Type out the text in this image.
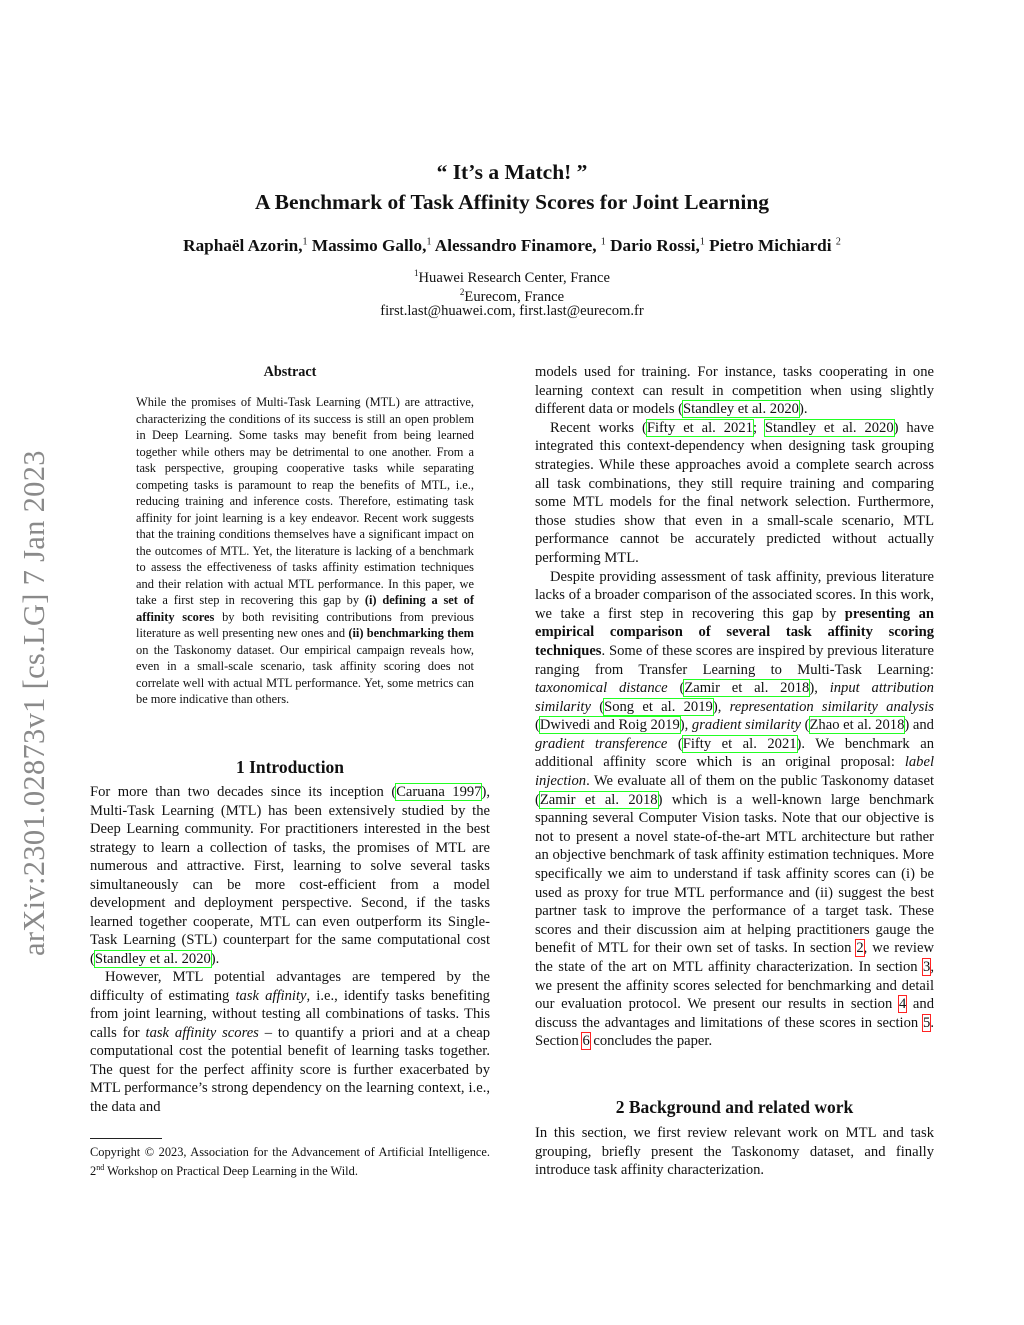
arXiv:2301.02873v1 [cs.LG] 7 Jan 2023
“ It’s a Match! ”
A Benchmark of Task Affinity Scores for Joint Learning
Raphaël Azorin,$^1$ Massimo Gallo,$^1$ Alessandro Finamore, $^1$ Dario Rossi,$^1$ Pietro Michiardi $^2$
$^1$Huawei Research Center, France
$^2$Eurecom, France
first.last@huawei.com, first.last@eurecom.fr
Abstract
While the promises of Multi-Task Learning (MTL) are attractive, characterizing the conditions of its success is still an open problem in Deep Learning. Some tasks may benefit from being learned together while others may be detrimental to one another. From a task perspective, grouping cooperative tasks while separating competing tasks is paramount to reap the benefits of MTL, i.e., reducing training and inference costs. Therefore, estimating task affinity for joint learning is a key endeavor. Recent work suggests that the training conditions themselves have a significant impact on the outcomes of MTL. Yet, the literature is lacking of a benchmark to assess the effectiveness of tasks affinity estimation techniques and their relation with actual MTL performance. In this paper, we take a first step in recovering this gap by (i) defining a set of affinity scores by both revisiting contributions from previous literature as well presenting new ones and (ii) benchmarking them on the Taskonomy dataset. Our empirical campaign reveals how, even in a small-scale scenario, task affinity scoring does not correlate well with actual MTL performance. Yet, some metrics can be more indicative than others.
1 Introduction

For more than two decades since its inception (Caruana 1997), Multi-Task Learning (MTL) has been extensively studied by the Deep Learning community. For practitioners interested in the best strategy to learn a collection of tasks, the promises of MTL are numerous and attractive. First, learning to solve several tasks simultaneously can be more cost-efficient from a model development and deployment perspective. Second, if the tasks learned together cooperate, MTL can even outperform its Single-Task Learning (STL) counterpart for the same computational cost (Standley et al. 2020).

However, MTL potential advantages are tempered by the difficulty of estimating task affinity, i.e., identify tasks benefiting from joint learning, without testing all combinations of tasks. This calls for task affinity scores – to quantify a priori and at a cheap computational cost the potential benefit of learning tasks together. The quest for the perfect affinity score is further exacerbated by MTL performance’s strong dependency on the learning context, i.e., the data and

Copyright © 2023, Association for the Advancement of Artificial Intelligence. 2nd Workshop on Practical Deep Learning in the Wild.

models used for training. For instance, tasks cooperating in one learning context can result in competition when using slightly different data or models (Standley et al. 2020).

Recent works (Fifty et al. 2021; Standley et al. 2020) have integrated this context-dependency when designing task grouping strategies. While these approaches avoid a complete search across all task combinations, they still require training and comparing some MTL models for the final network selection. Furthermore, those studies show that even in a small-scale scenario, MTL performance cannot be accurately predicted without actually performing MTL.

Despite providing assessment of task affinity, previous literature lacks of a broader comparison of the associated scores. In this work, we take a first step in recovering this gap by presenting an empirical comparison of several task affinity scoring techniques. Some of these scores are inspired by previous literature ranging from Transfer Learning to Multi-Task Learning: taxonomical distance (Zamir et al. 2018), input attribution similarity (Song et al. 2019), representation similarity analysis (Dwivedi and Roig 2019), gradient similarity (Zhao et al. 2018) and gradient transference (Fifty et al. 2021). We benchmark an additional affinity score which is an original proposal: label injection. We evaluate all of them on the public Taskonomy dataset (Zamir et al. 2018) which is a well-known large benchmark spanning several Computer Vision tasks. Note that our objective is not to present a novel state-of-the-art MTL architecture but rather an objective benchmark of task affinity estimation techniques. More specifically we aim to understand if task affinity scores can (i) be used as proxy for true MTL performance and (ii) suggest the best partner task to improve the performance of a target task. These scores and their discussion aim at helping practitioners gauge the benefit of MTL for their own set of tasks. In section 2, we review the state of the art on MTL affinity characterization. In section 3, we present the affinity scores selected for benchmarking and detail our evaluation protocol. We present our results in section 4 and discuss the advantages and limitations of these scores in section 5. Section 6 concludes the paper.

2 Background and related work

In this section, we first review relevant work on MTL and task grouping, briefly present the Taskonomy dataset, and finally introduce task affinity characterization.
